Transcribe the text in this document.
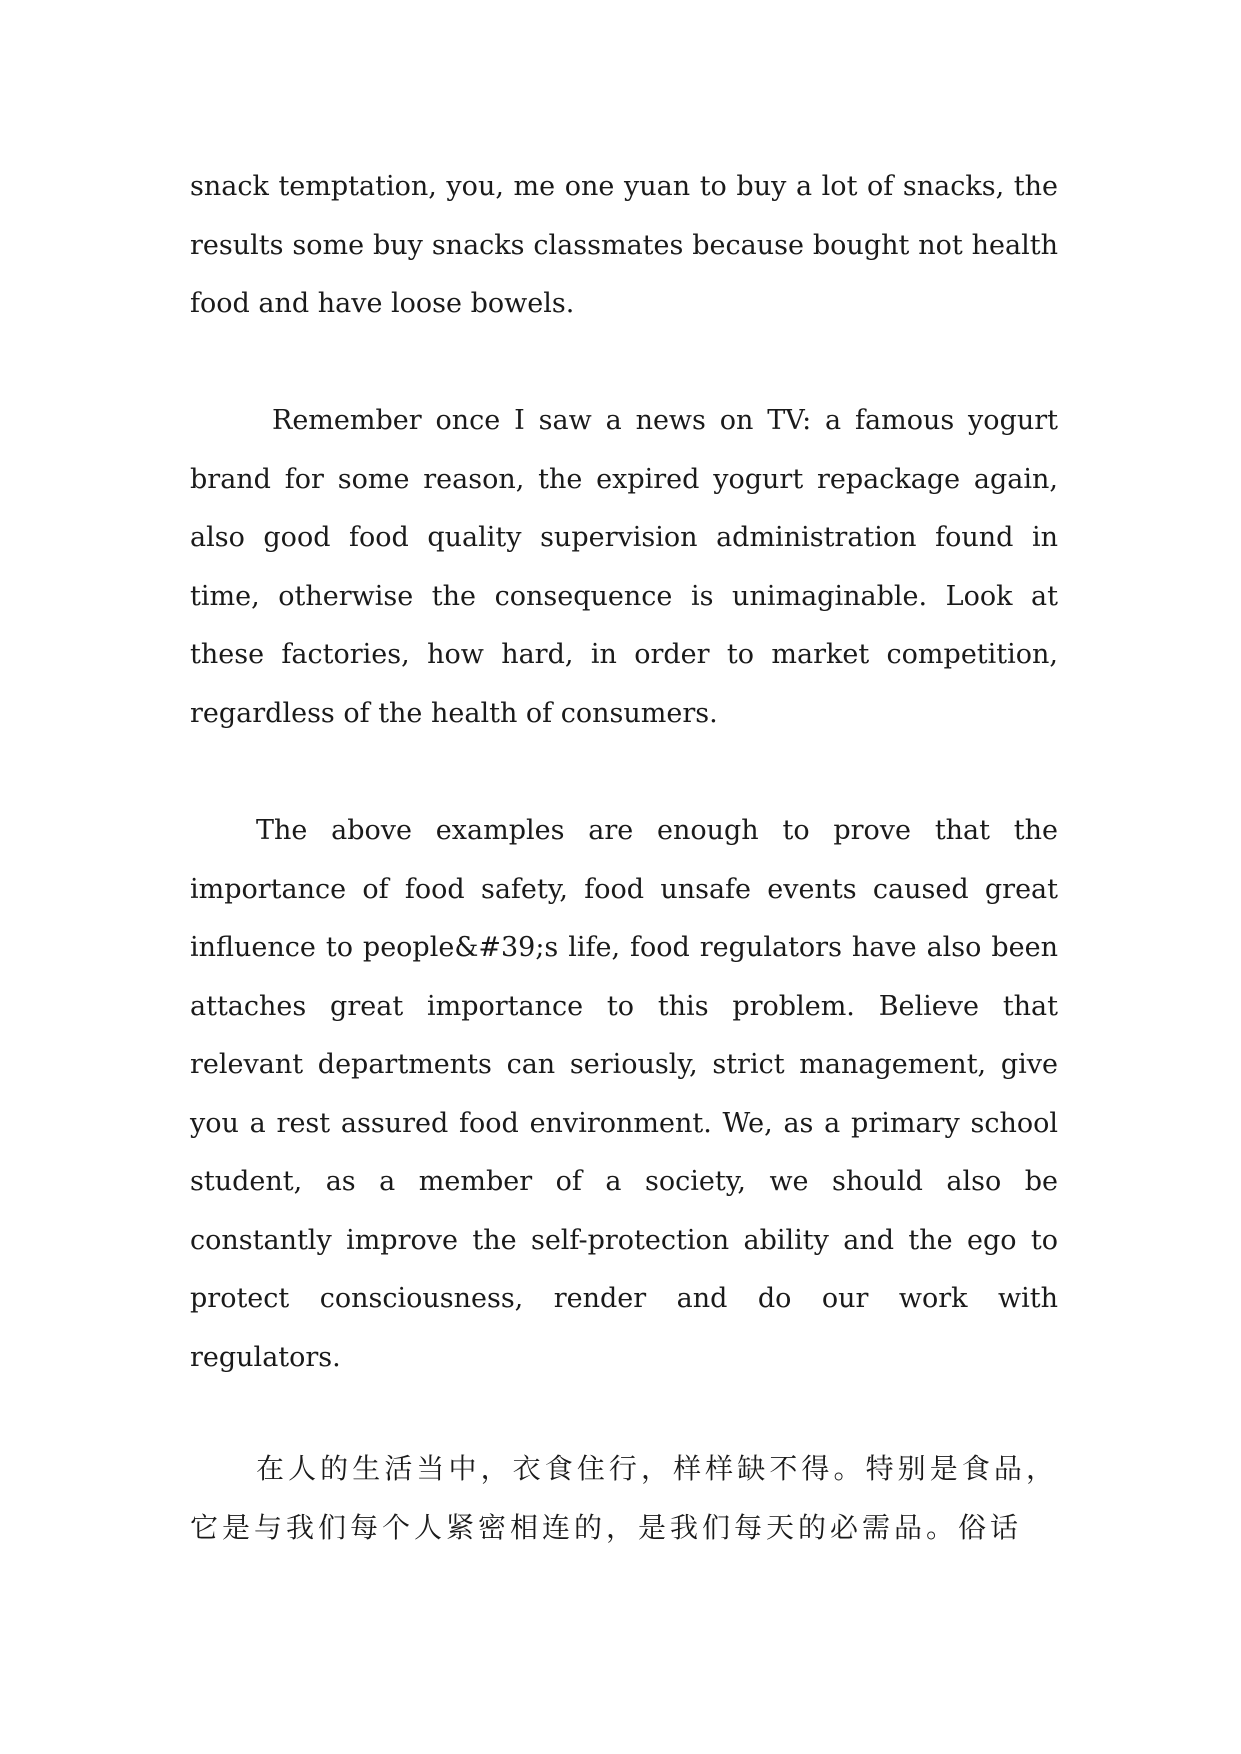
snack temptation, you, me one yuan to buy a lot of snacks, the results some buy snacks classmates because bought not health food and have loose bowels.

Remember once I saw a news on TV: a famous yogurt brand for some reason, the expired yogurt repackage again, also good food quality supervision administration found in time, otherwise the consequence is unimaginable. Look at these factories, how hard, in order to market competition, regardless of the health of consumers.

The above examples are enough to prove that the importance of food safety, food unsafe events caused great influence to people&#39;s life, food regulators have also been attaches great importance to this problem. Believe that relevant departments can seriously, strict management, give you a rest assured food environment. We, as a primary school student, as a member of a society, we should also be constantly improve the self-protection ability and the ego to protect consciousness, render and do our work with regulators.

在人的生活当中，衣食住行，样样缺不得。特别是食品，它是与我们每个人紧密相连的，是我们每天的必需品。俗话
